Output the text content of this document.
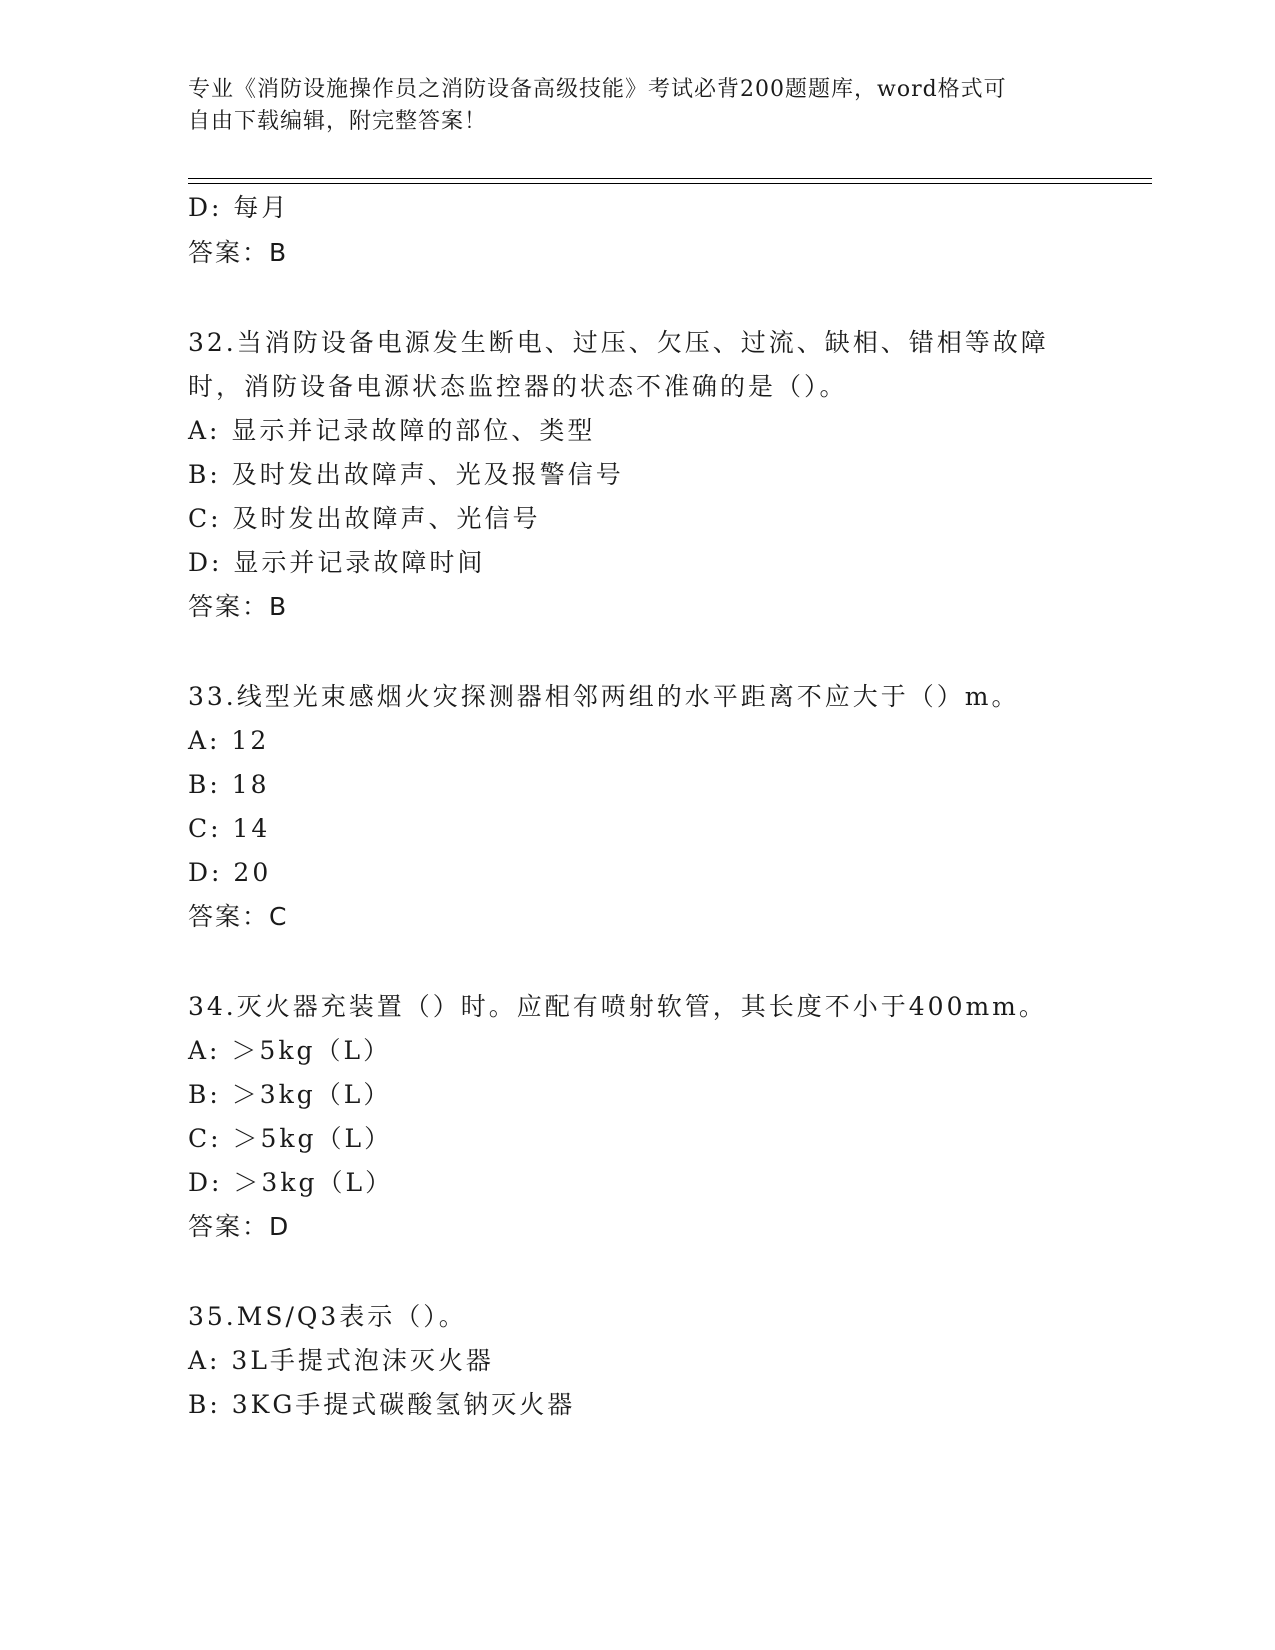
专业《消防设施操作员之消防设备高级技能》考试必背200题题库，word格式可
自由下载编辑，附完整答案！
D: 每月
答案：B
32.当消防设备电源发生断电、过压、欠压、过流、缺相、错相等故障
时，消防设备电源状态监控器的状态不准确的是（）。
A: 显示并记录故障的部位、类型
B: 及时发出故障声、光及报警信号
C: 及时发出故障声、光信号
D: 显示并记录故障时间
答案：B
33.线型光束感烟火灾探测器相邻两组的水平距离不应大于（）m。
A: 12
B: 18
C: 14
D: 20
答案：C
34.灭火器充装置（）时。应配有喷射软管，其长度不小于400mm。
A: ＞5kg（L）
B: ＞3kg（L）
C: ＞5kg（L）
D: ＞3kg（L）
答案：D
35.MS/Q3表示（）。
A: 3L手提式泡沫灭火器
B: 3KG手提式碳酸氢钠灭火器
